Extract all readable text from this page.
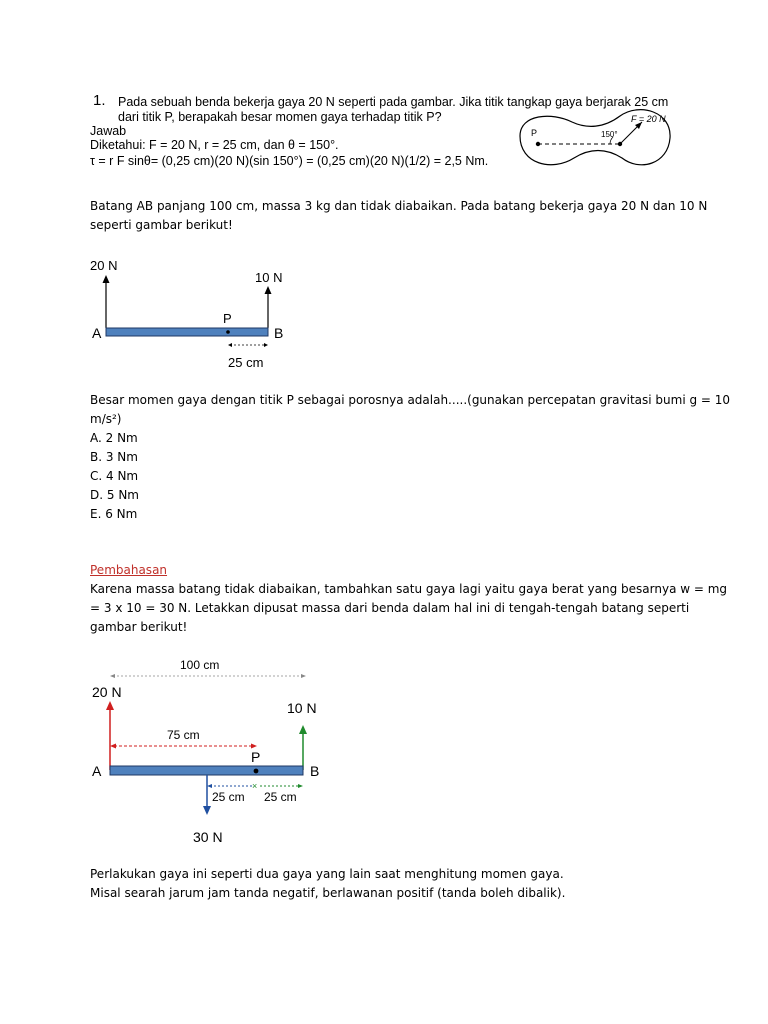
1. Pada sebuah benda bekerja gaya 20 N seperti pada gambar. Jika titik tangkap gaya berjarak 25 cm
dari titik P, berapakah besar momen gaya terhadap titik P?
Jawab
Diketahui: F = 20 N, r = 25 cm, dan θ = 150°.
τ = r F sinθ= (0,25 cm)(20 N)(sin 150°) = (0,25 cm)(20 N)(1/2) = 2,5 Nm.
P	150°
F = 20 N
Batang AB panjang 100 cm, massa 3 kg dan tidak diabaikan. Pada batang bekerja gaya 20 N dan 10 N
seperti gambar berikut!
20 N
10 N
A	B
P
25 cm
Besar momen gaya dengan titik P sebagai porosnya adalah.....(gunakan percepatan gravitasi bumi g = 10
m/s²)
A. 2 Nm
B. 3 Nm
C. 4 Nm
D. 5 Nm
E. 6 Nm
Pembahasan
Karena massa batang tidak diabaikan, tambahkan satu gaya lagi yaitu gaya berat yang besarnya w = mg
= 3 x 10 = 30 N. Letakkan dipusat massa dari benda dalam hal ini di tengah-tengah batang seperti
gambar berikut!
100 cm
20 N
10 N
75 cm
P
A	B
30 N
25 cm
×
25 cm
Perlakukan gaya ini seperti dua gaya yang lain saat menghitung momen gaya.
Misal searah jarum jam tanda negatif, berlawanan positif (tanda boleh dibalik).
